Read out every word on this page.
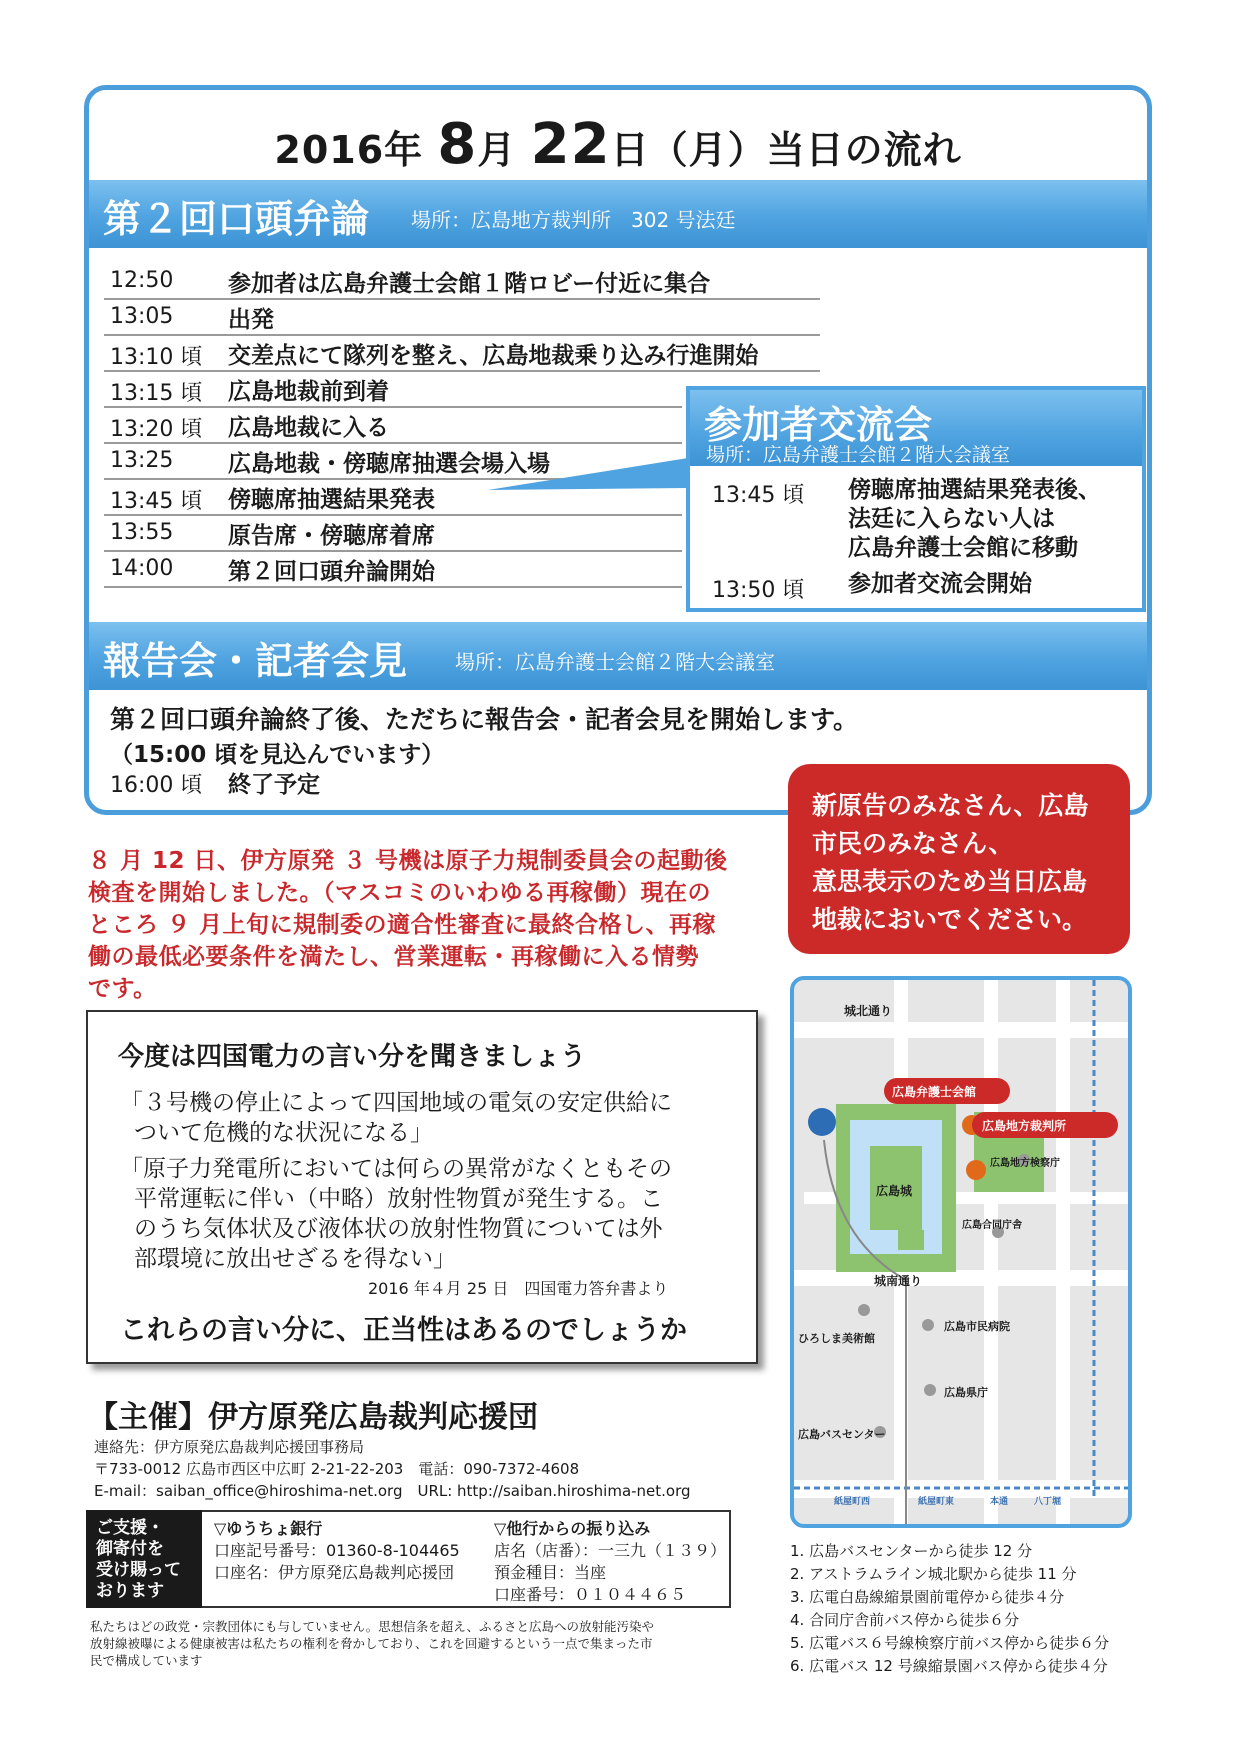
2016年 8月 22日（月）当日の流れ
第２回口頭弁論 場所：広島地方裁判所　302 号法廷
12:50 参加者は広島弁護士会館１階ロビー付近に集合
13:05 出発
13:10 頃 交差点にて隊列を整え、広島地裁乗り込み行進開始
13:15 頃 広島地裁前到着
13:20 頃 広島地裁に入る
13:25 広島地裁・傍聴席抽選会場入場
13:45 頃 傍聴席抽選結果発表
13:55 原告席・傍聴席着席
14:00 第２回口頭弁論開始
参加者交流会
場所：広島弁護士会館２階大会議室
13:45 頃 傍聴席抽選結果発表後、
法廷に入らない人は
広島弁護士会館に移動
13:50 頃 参加者交流会開始
報告会・記者会見 場所：広島弁護士会館２階大会議室
第２回口頭弁論終了後、ただちに報告会・記者会見を開始します。
（15:00 頃を見込んでいます）
16:00 頃 終了予定
新原告のみなさん、広島
市民のみなさん、
意思表示のため当日広島
地裁においでください。
８ 月 12 日、伊方原発 ３ 号機は原子力規制委員会の起動後
検査を開始しました。（マスコミのいわゆる再稼働）現在の
ところ ９ 月上旬に規制委の適合性審査に最終合格し、再稼
働の最低必要条件を満たし、営業運転・再稼働に入る情勢
です。
今度は四国電力の言い分を聞きましょう
「３号機の停止によって四国地域の電気の安定供給に
ついて危機的な状況になる」
「原子力発電所においては何らの異常がなくともその
平常運転に伴い（中略）放射性物質が発生する。こ
のうち気体状及び液体状の放射性物質については外
部環境に放出せざるを得ない」
2016 年４月 25 日　四国電力答弁書より
これらの言い分に、正当性はあるのでしょうか
【主催】伊方原発広島裁判応援団
連絡先：伊方原発広島裁判応援団事務局
〒733-0012 広島市西区中広町 2-21-22-203　電話：090-7372-4608
E-mail：saiban_office@hiroshima-net.org　URL: http://saiban.hiroshima-net.org
ご支援・
御寄付を
受け賜って
おります
▽ゆうちょ銀行
口座記号番号：01360-8-104465
口座名：伊方原発広島裁判応援団
▽他行からの振り込み
店名（店番）：一三九（１３９）
預金種目：当座
口座番号：０１０４４６５
私たちはどの政党・宗教団体にも与していません。思想信条を超え、ふるさと広島への放射能汚染や
放射線被曝による健康被害は私たちの権利を脅かしており、これを回避するという一点で集まった市
民で構成しています
城北通り
広島弁護士会館
広島地方裁判所
広島城
広島地方検察庁
広島合同庁舎
城南通り
ひろしま美術館
広島市民病院
広島県庁
広島バスセンター
紙屋町西	紙屋町東	本通	八丁堀
1. 広島バスセンターから徒歩 12 分
2. アストラムライン城北駅から徒歩 11 分
3. 広電白島線縮景園前電停から徒歩４分
4. 合同庁舎前バス停から徒歩６分
5. 広電バス６号線検察庁前バス停から徒歩６分
6. 広電バス 12 号線縮景園バス停から徒歩４分
